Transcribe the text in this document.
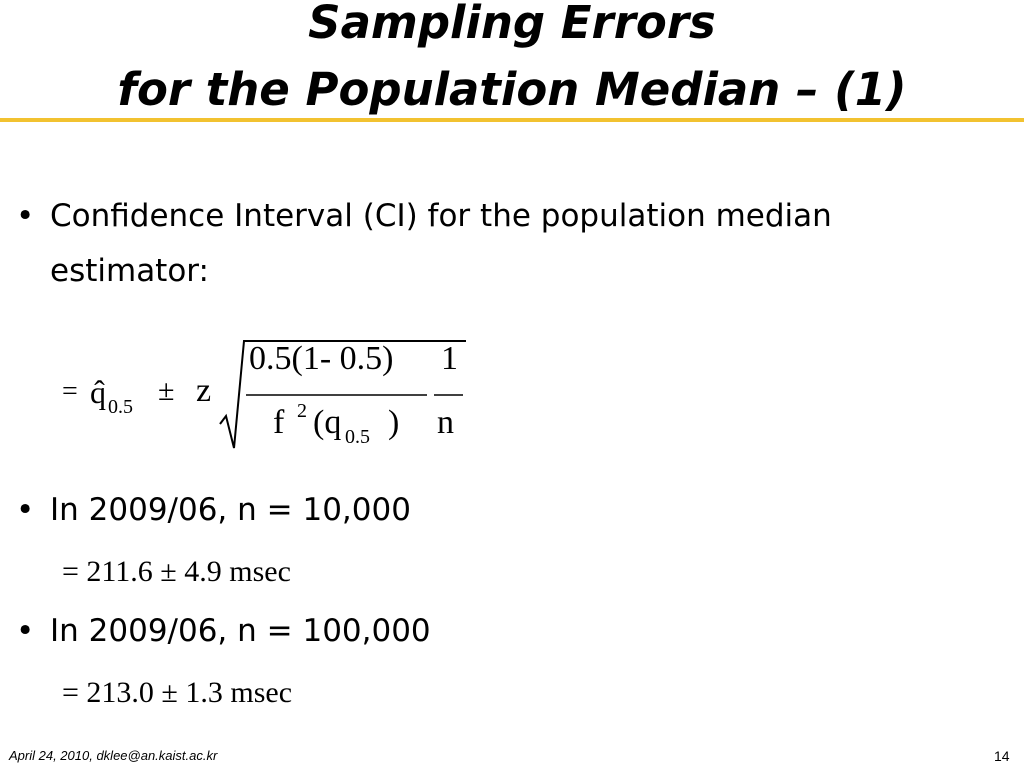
Sampling Errors
for the Population Median – (1)
• Confidence Interval (CI) for the population median
estimator:
= q̂ 0.5 ± z
0.5(1- 0.5)
f 2 (q 0.5 )
1
n
• In 2009/06, n = 10,000
= 211.6 ± 4.9 msec
• In 2009/06, n = 100,000
= 213.0 ± 1.3 msec
April 24, 2010, dklee@an.kaist.ac.kr	14
